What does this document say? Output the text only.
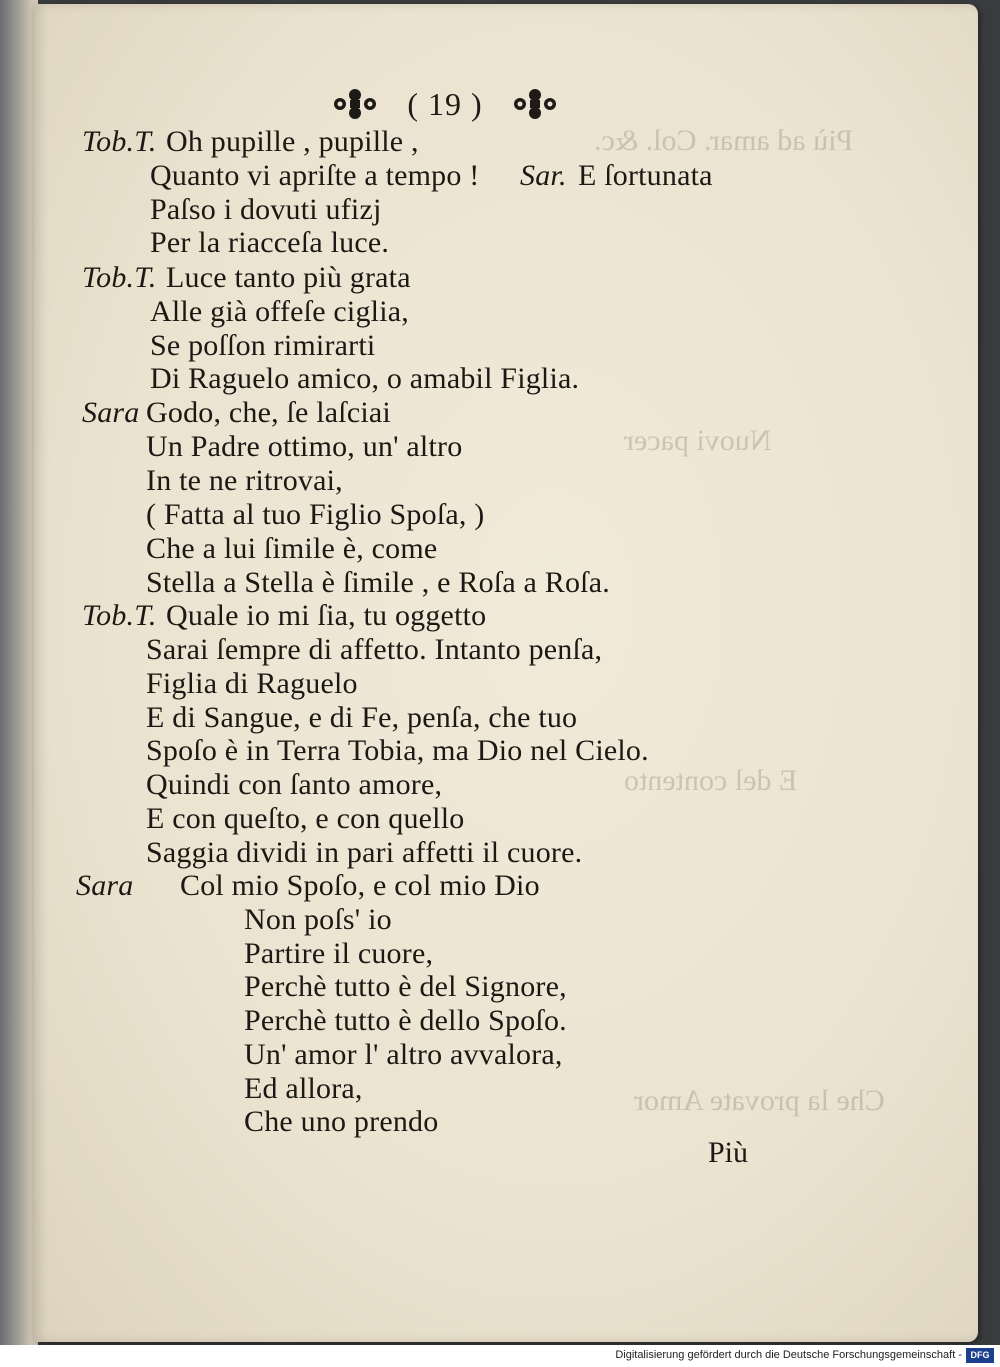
Più ad amar. Col. &c.
Nuovi pacer
E del contento
Che la provate Amor
( 19 )
Tob.T. Oh pupille , pupille ,
Quanto vi apriſte a tempo ! Sar. E ſortunata
Paſso i dovuti ufizj
Per la riacceſa luce.
Tob.T. Luce tanto più grata
Alle già offeſe ciglia,
Se poſſon rimirarti
Di Raguelo amico, o amabil Figlia.
Sara Godo, che, ſe laſciai
Un Padre ottimo, un' altro
In te ne ritrovai,
( Fatta al tuo Figlio Spoſa, )
Che a lui ſimile è, come
Stella a Stella è ſimile , e Roſa a Roſa.
Tob.T. Quale io mi ſia, tu oggetto
Sarai ſempre di affetto. Intanto penſa,
Figlia di Raguelo
E di Sangue, e di Fe, penſa, che tuo
Spoſo è in Terra Tobia, ma Dio nel Cielo.
Quindi con ſanto amore,
E con queſto, e con quello
Saggia dividi in pari affetti il cuore.
Sara Col mio Spoſo, e col mio Dio
Non poſs' io
Partire il cuore,
Perchè tutto è del Signore,
Perchè tutto è dello Spoſo.
Un' amor l' altro avvalora,
Ed allora,
Che uno prendo
Più
Digitalisierung gefördert durch die Deutsche Forschungsgemeinschaft - DFG
